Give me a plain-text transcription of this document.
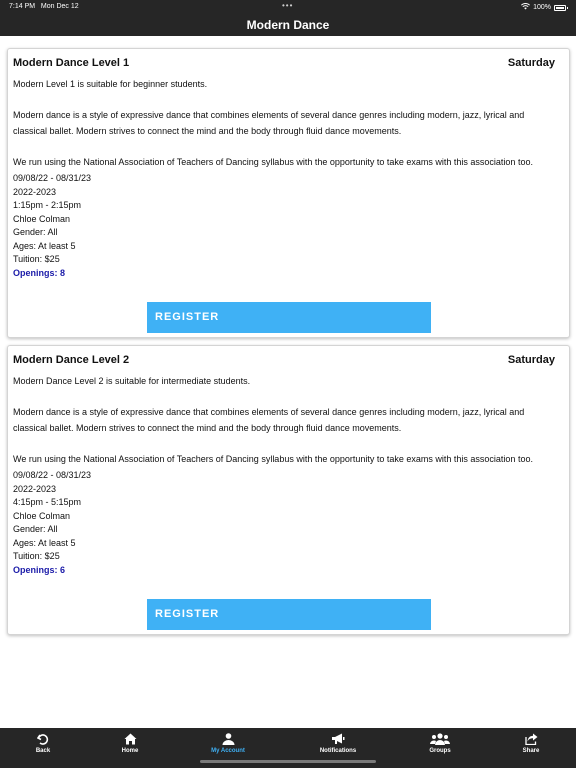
7:14 PM Mon Dec 12	•••	100%
Modern Dance
Modern Dance Level 1	Saturday

Modern Level 1 is suitable for beginner students.

Modern dance is a style of expressive dance that combines elements of several dance genres including modern, jazz, lyrical and classical ballet. Modern strives to connect the mind and the body through fluid dance movements.

We run using the National Association of Teachers of Dancing syllabus with the opportunity to take exams with this association too.

09/08/22 - 08/31/23
2022-2023
1:15pm - 2:15pm
Chloe Colman
Gender: All
Ages: At least 5
Tuition: $25
Openings: 8
REGISTER
Modern Dance Level 2	Saturday

Modern Dance Level 2 is suitable for intermediate students.

Modern dance is a style of expressive dance that combines elements of several dance genres including modern, jazz, lyrical and classical ballet. Modern strives to connect the mind and the body through fluid dance movements.

We run using the National Association of Teachers of Dancing syllabus with the opportunity to take exams with this association too.

09/08/22 - 08/31/23
2022-2023
4:15pm - 5:15pm
Chloe Colman
Gender: All
Ages: At least 5
Tuition: $25
Openings: 6
REGISTER
Back	Home	My Account	Notifications	Groups	Share
